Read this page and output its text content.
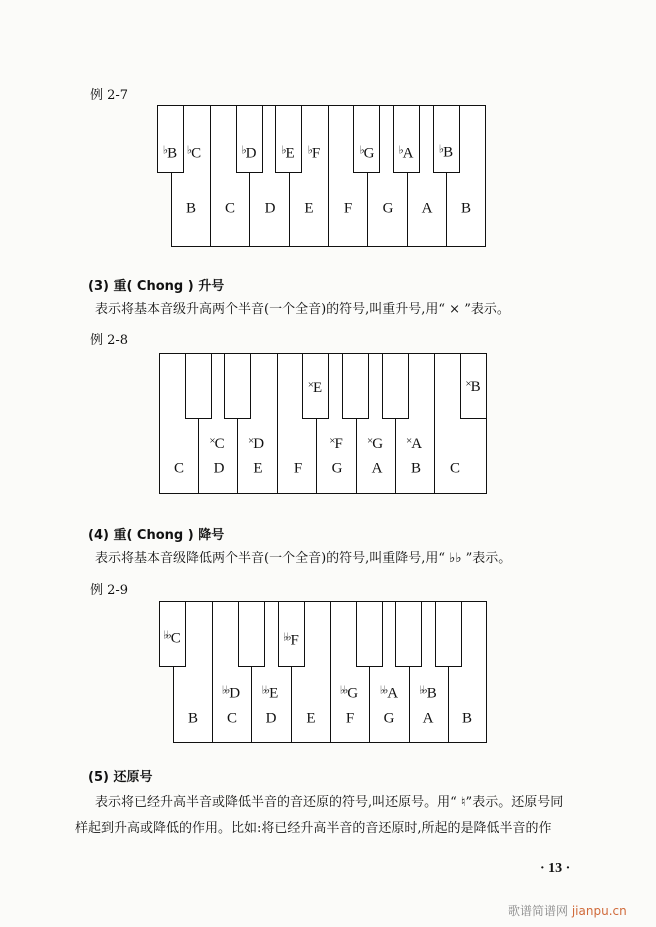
例 2-7
B C D E F G A B
♭B ♭C	♭D ♭E ♭F	♭G ♭A ♭B
(3) 重( Chong ) 升号
表示将基本音级升高两个半音(一个全音)的符号,叫重升号,用“ × ”表示。
例 2-8
C D E F G A B C
×E	×B
×C ×D	×F ×G ×A
(4) 重( Chong ) 降号
表示将基本音级降低两个半音(一个全音)的符号,叫重降号,用“ ♭♭ ”表示。
例 2-9
B C D E F G A B
♭♭C	♭♭F
♭♭D ♭♭E	♭♭G ♭♭A ♭♭B
(5) 还原号
表示将已经升高半音或降低半音的音还原的符号,叫还原号。用“ ♮”表示。还原号同
样起到升高或降低的作用。比如:将已经升高半音的音还原时,所起的是降低半音的作
· 13 ·
歌谱简谱网 jianpu.cn
